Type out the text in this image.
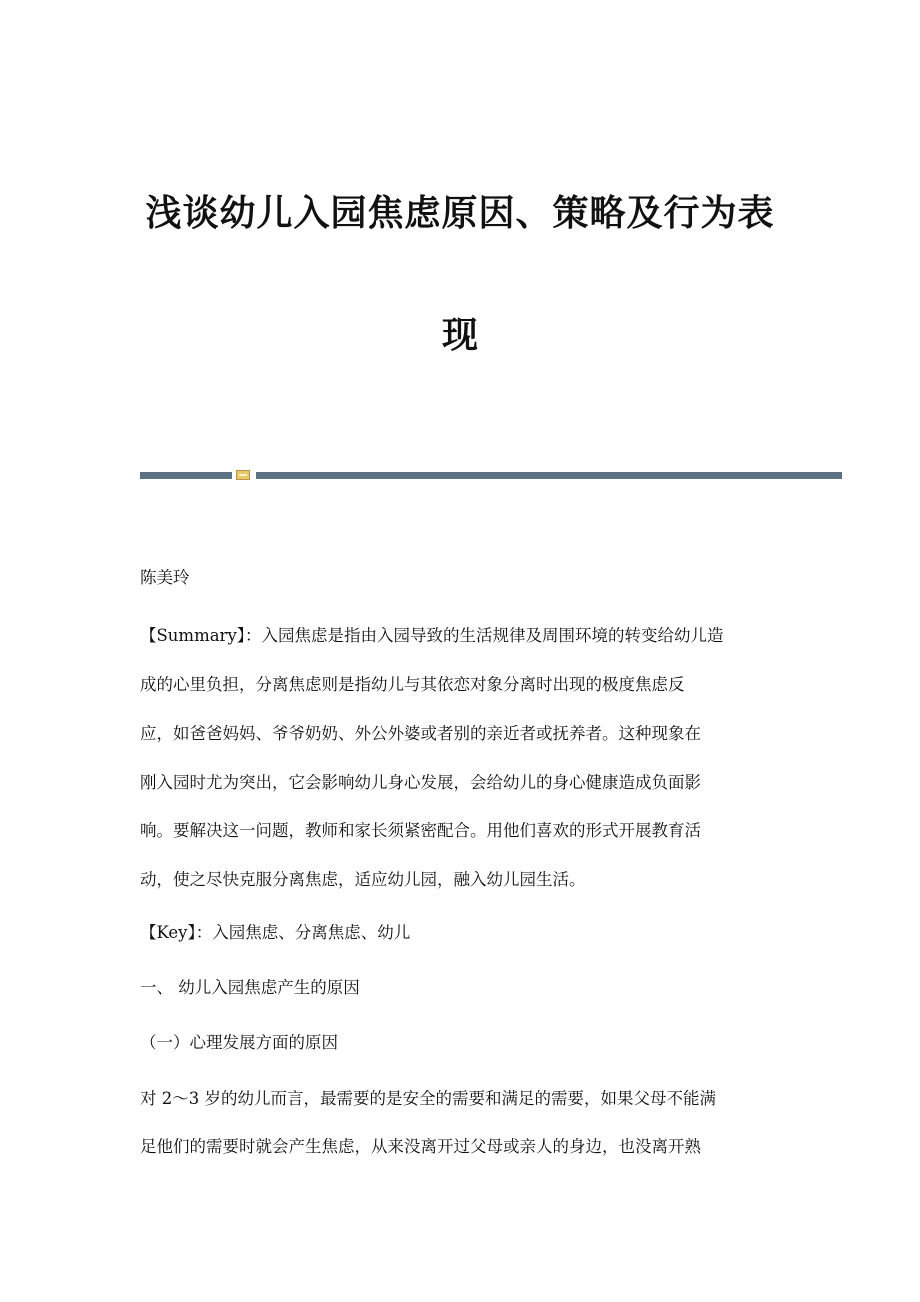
浅谈幼儿入园焦虑原因、策略及行为表
现

陈美玲

【Summary】：入园焦虑是指由入园导致的生活规律及周围环境的转变给幼儿造

成的心里负担，分离焦虑则是指幼儿与其依恋对象分离时出现的极度焦虑反

应，如爸爸妈妈、爷爷奶奶、外公外婆或者别的亲近者或抚养者。这种现象在

刚入园时尤为突出，它会影响幼儿身心发展，会给幼儿的身心健康造成负面影

响。要解决这一问题，教师和家长须紧密配合。用他们喜欢的形式开展教育活

动，使之尽快克服分离焦虑，适应幼儿园，融入幼儿园生活。

【Key】：入园焦虑、分离焦虑、幼儿

一、 幼儿入园焦虑产生的原因

（一）心理发展方面的原因

对 2～3 岁的幼儿而言，最需要的是安全的需要和满足的需要，如果父母不能满

足他们的需要时就会产生焦虑，从来没离开过父母或亲人的身边，也没离开熟
